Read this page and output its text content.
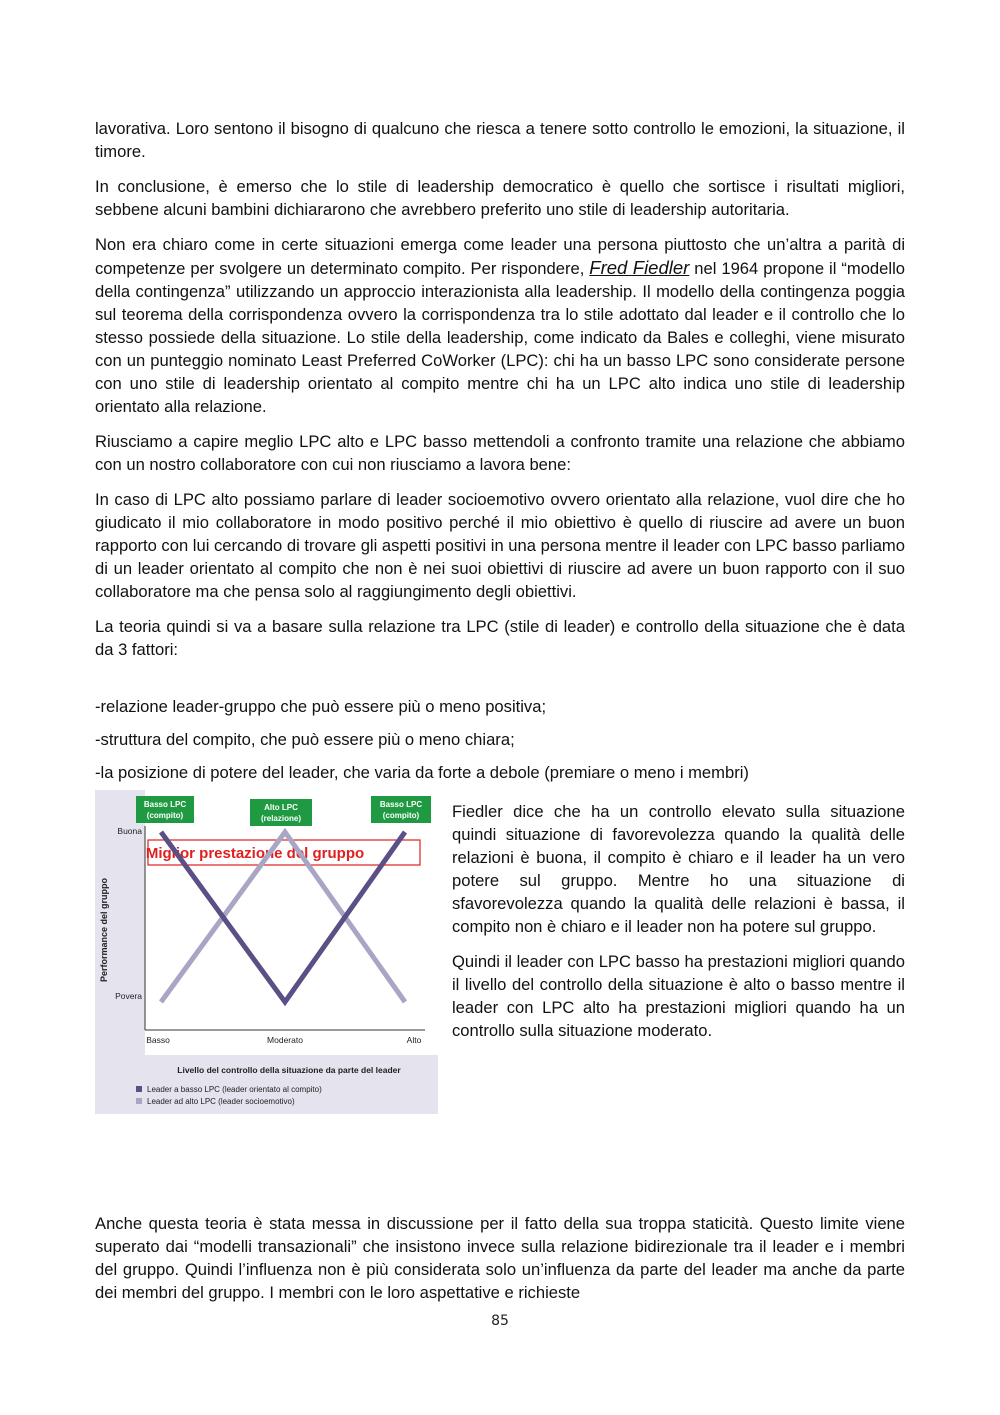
lavorativa. Loro sentono il bisogno di qualcuno che riesca a tenere sotto controllo le emozioni, la situazione, il timore.

In conclusione, è emerso che lo stile di leadership democratico è quello che sortisce i risultati migliori, sebbene alcuni bambini dichiararono che avrebbero preferito uno stile di leadership autoritaria.

Non era chiaro come in certe situazioni emerga come leader una persona piuttosto che un’altra a parità di competenze per svolgere un determinato compito. Per rispondere, Fred Fiedler nel 1964 propone il “modello della contingenza” utilizzando un approccio interazionista alla leadership. Il modello della contingenza poggia sul teorema della corrispondenza ovvero la corrispondenza tra lo stile adottato dal leader e il controllo che lo stesso possiede della situazione. Lo stile della leadership, come indicato da Bales e colleghi, viene misurato con un punteggio nominato Least Preferred CoWorker (LPC): chi ha un basso LPC sono considerate persone con uno stile di leadership orientato al compito mentre chi ha un LPC alto indica uno stile di leadership orientato alla relazione.

Riusciamo a capire meglio LPC alto e LPC basso mettendoli a confronto tramite una relazione che abbiamo con un nostro collaboratore con cui non riusciamo a lavora bene:

In caso di LPC alto possiamo parlare di leader socioemotivo ovvero orientato alla relazione, vuol dire che ho giudicato il mio collaboratore in modo positivo perché il mio obiettivo è quello di riuscire ad avere un buon rapporto con lui cercando di trovare gli aspetti positivi in una persona mentre il leader con LPC basso parliamo di un leader orientato al compito che non è nei suoi obiettivi di riuscire ad avere un buon rapporto con il suo collaboratore ma che pensa solo al raggiungimento degli obiettivi.

La teoria quindi si va a basare sulla relazione tra LPC (stile di leader) e controllo della situazione che è data da 3 fattori:

-relazione leader-gruppo che può essere più o meno positiva;

-struttura del compito, che può essere più o meno chiara;

-la posizione di potere del leader, che varia da forte a debole (premiare o meno i membri)

Miglior prestazione del gruppo
Buona
Povera
Performance del gruppo
Basso	Moderato	Alto
Livello del controllo della situazione da parte del leader
Leader a basso LPC (leader orientato al compito)
Leader ad alto LPC (leader socioemotivo)
Basso LPC
(compito)
Alto LPC
(relazione)
Basso LPC
(compito) Fiedler dice che ha un controllo elevato sulla situazione quindi situazione di favorevolezza quando la qualità delle relazioni è buona, il compito è chiaro e il leader ha un vero potere sul gruppo. Mentre ho una situazione di sfavorevolezza quando la qualità delle relazioni è bassa, il compito non è chiaro e il leader non ha potere sul gruppo.

Quindi il leader con LPC basso ha prestazioni migliori quando il livello del controllo della situazione è alto o basso mentre il leader con LPC alto ha prestazioni migliori quando ha un controllo sulla situazione moderato.

Anche questa teoria è stata messa in discussione per il fatto della sua troppa staticità. Questo limite viene superato dai “modelli transazionali” che insistono invece sulla relazione bidirezionale tra il leader e i membri del gruppo. Quindi l’influenza non è più considerata solo un’influenza da parte del leader ma anche da parte dei membri del gruppo. I membri con le loro aspettative e richieste

85
